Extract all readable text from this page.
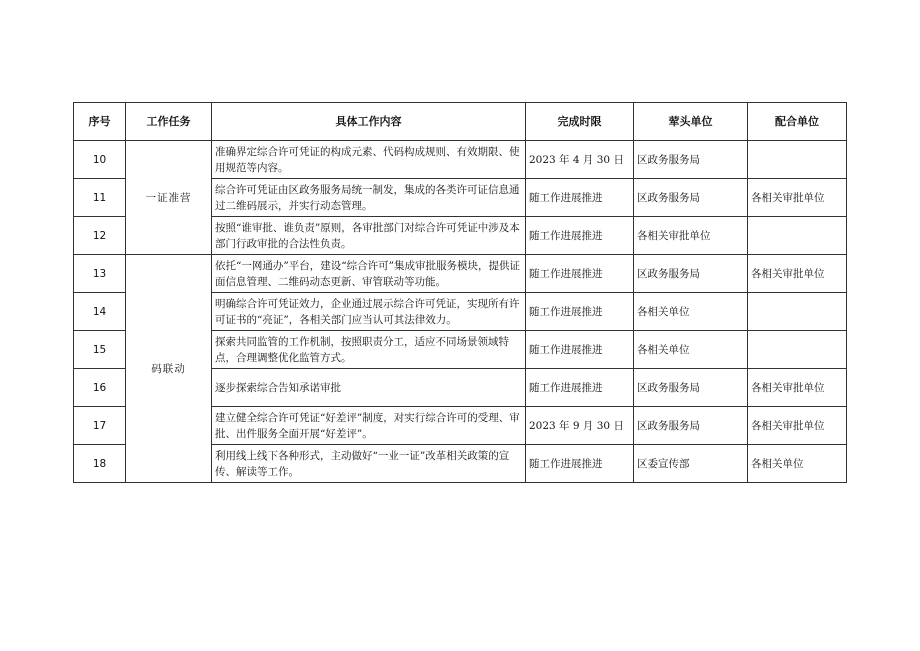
序号	工作任务	具体工作内容	完成时限	荤头单位	配合单位
10	一证准营	准确界定综合许可凭证的构成元素、代码构成规则、有效期限、使用规范等内容。	2023 年 4 月 30 日	区政务服务局	
11		综合许可凭证由区政务服务局统一制发，集成的各类许可证信息通过二维码展示，并实行动态管理。	随工作进展推进	区政务服务局	各相关审批单位
12		按照“谁审批、谁负责”原则，各审批部门对综合许可凭证中涉及本部门行政审批的合法性负责。	随工作进展推进	各相关审批单位	
13	码联动	依托“一网通办”平台，建设“综合许可”集成审批服务模块，提供证面信息管理、二维码动态更新、审管联动等功能。	随工作进展推进	区政务服务局	各相关审批单位
14		明确综合许可凭证效力，企业通过展示综合许可凭证，实现所有许可证书的“亮证”，各相关部门应当认可其法律效力。	随工作进展推进	各相关单位	
15		探索共同监管的工作机制，按照职责分工，适应不同场景领域特点，合理调整优化监管方式。	随工作进展推进	各相关单位	
16		逐步探索综合告知承诺审批	随工作进展推进	区政务服务局	各相关审批单位
17		建立健全综合许可凭证“好差评”制度，对实行综合许可的受理、审批、出件服务全面开展“好差评”。	2023 年 9 月 30 日	区政务服务局	各相关审批单位
18		利用线上线下各种形式，主动做好“一业一证”改革相关政策的宣传、解读等工作。	随工作进展推进	区委宣传部	各相关单位
